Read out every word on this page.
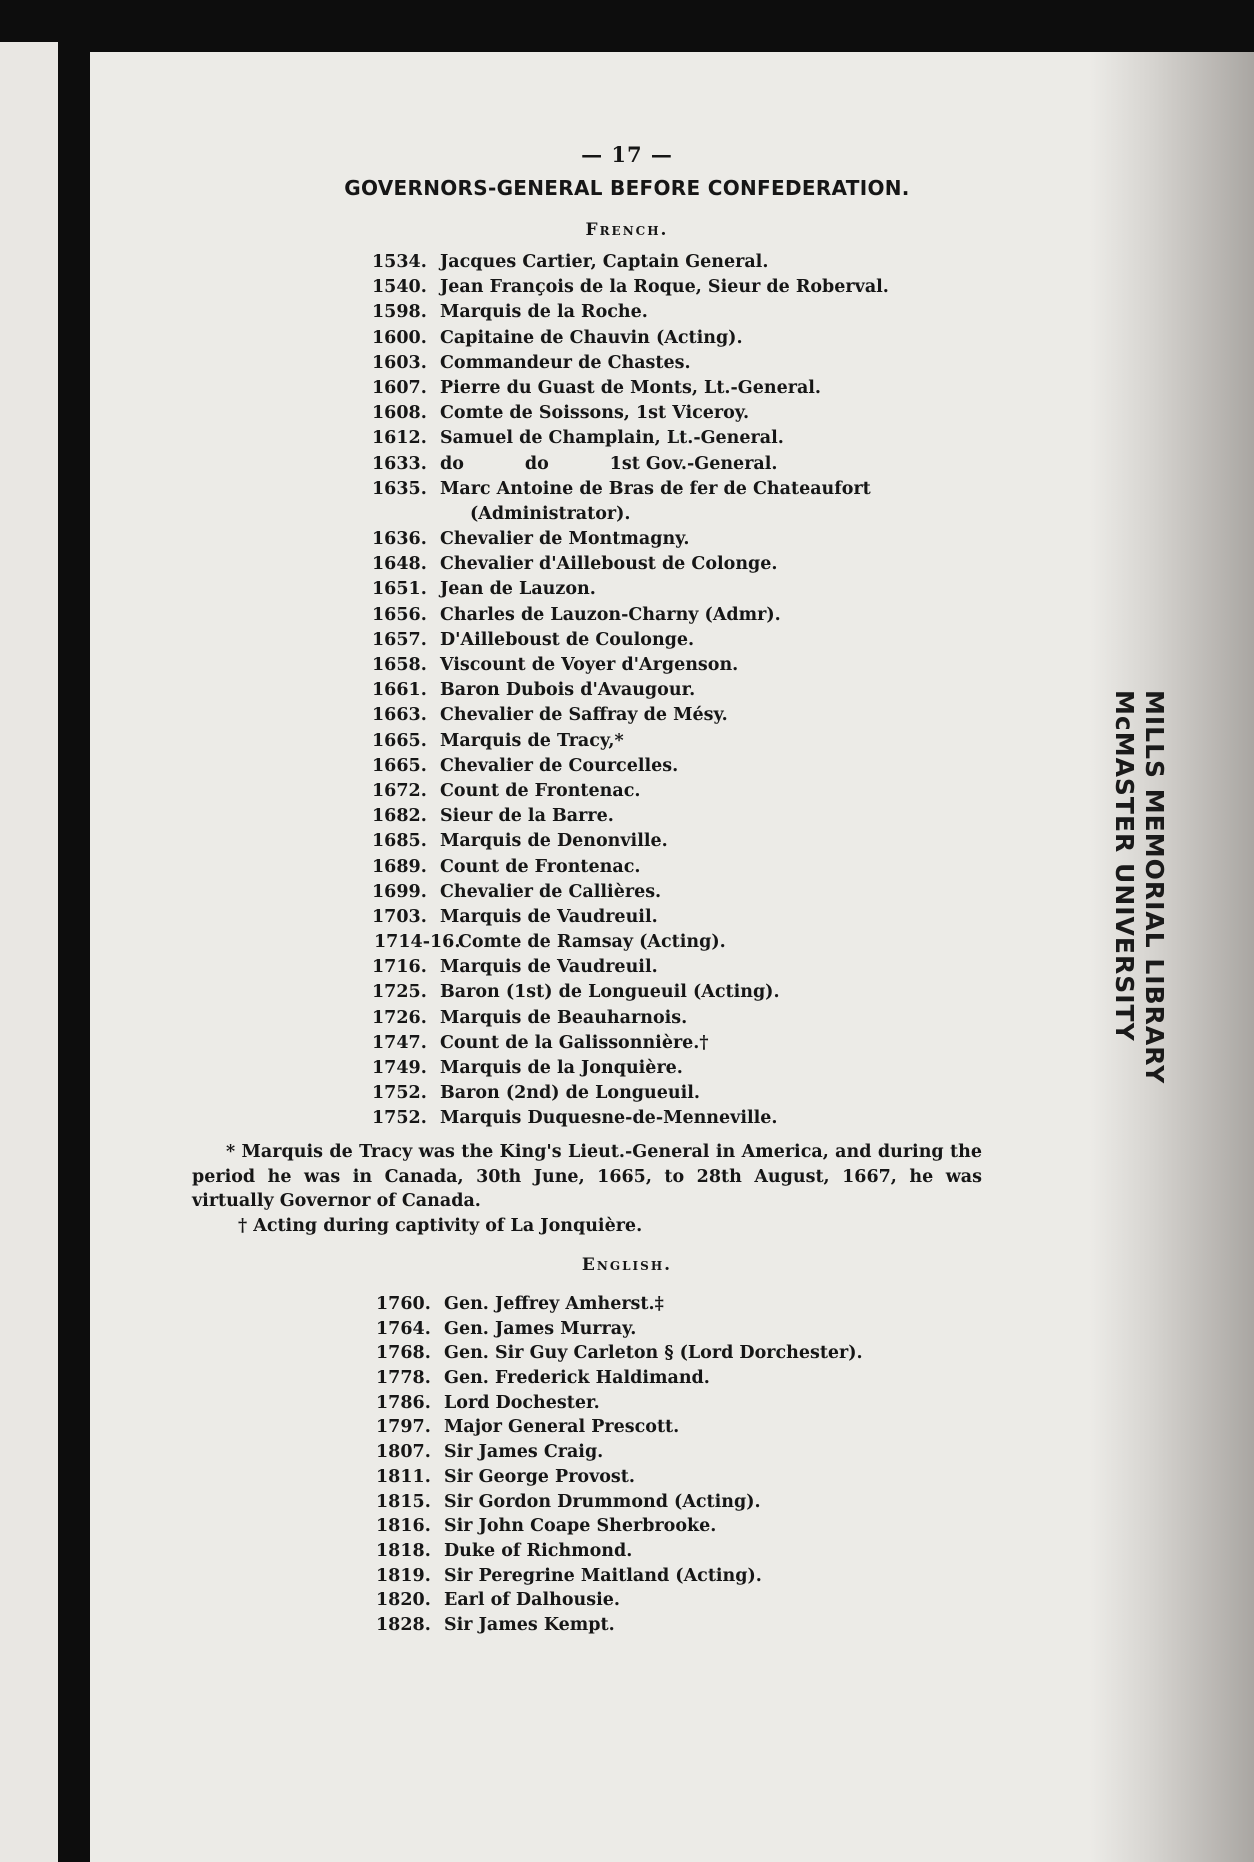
MILLS MEMORIAL LIBRARY
McMASTER UNIVERSITY
— 17 —
GOVERNORS-GENERAL BEFORE CONFEDERATION.
French.
1534. Jacques Cartier, Captain General.
1540. Jean François de la Roque, Sieur de Roberval.
1598. Marquis de la Roche.
1600. Capitaine de Chauvin (Acting).
1603. Commandeur de Chastes.
1607. Pierre du Guast de Monts, Lt.-General.
1608. Comte de Soissons, 1st Viceroy.
1612. Samuel de Champlain, Lt.-General.
1633. do          do          1st Gov.-General.
1635. Marc Antoine de Bras de fer de Chateaufort
(Administrator).
1636. Chevalier de Montmagny.
1648. Chevalier d'Ailleboust de Colonge.
1651. Jean de Lauzon.
1656. Charles de Lauzon-Charny (Admr).
1657. D'Ailleboust de Coulonge.
1658. Viscount de Voyer d'Argenson.
1661. Baron Dubois d'Avaugour.
1663. Chevalier de Saffray de Mésy.
1665. Marquis de Tracy,*
1665. Chevalier de Courcelles.
1672. Count de Frontenac.
1682. Sieur de la Barre.
1685. Marquis de Denonville.
1689. Count de Frontenac.
1699. Chevalier de Callières.
1703. Marquis de Vaudreuil.
1714-16.
Comte de Ramsay (Acting).
1716. Marquis de Vaudreuil.
1725. Baron (1st) de Longueuil (Acting).
1726. Marquis de Beauharnois.
1747. Count de la Galissonnière.†
1749. Marquis de la Jonquière.
1752. Baron (2nd) de Longueuil.
1752. Marquis Duquesne-de-Menneville.

* Marquis de Tracy was the King's Lieut.-General in America, and during the period he was in Canada, 30th June, 1665, to 28th August, 1667, he was virtually Governor of Canada.

† Acting during captivity of La Jonquière.

English.
1760. Gen. Jeffrey Amherst.‡
1764. Gen. James Murray.
1768. Gen. Sir Guy Carleton § (Lord Dorchester).
1778. Gen. Frederick Haldimand.
1786. Lord Dochester.
1797. Major General Prescott.
1807. Sir James Craig.
1811. Sir George Provost.
1815. Sir Gordon Drummond (Acting).
1816. Sir John Coape Sherbrooke.
1818. Duke of Richmond.
1819. Sir Peregrine Maitland (Acting).
1820. Earl of Dalhousie.
1828. Sir James Kempt.
